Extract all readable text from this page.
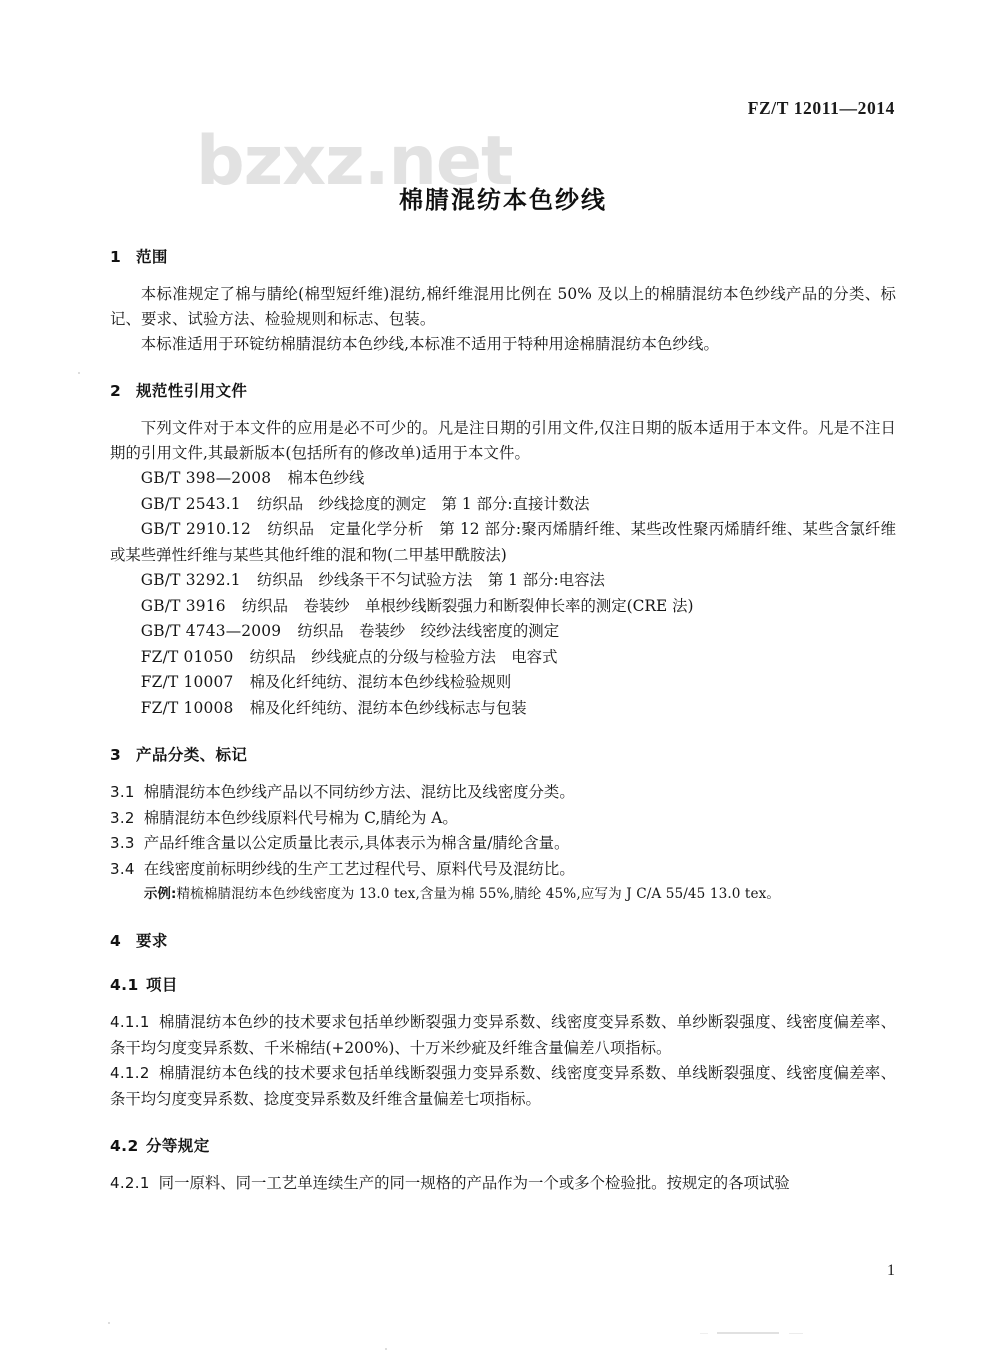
FZ/T 12011—2014
bzxz.net
棉腈混纺本色纱线
1 范围

本标准规定了棉与腈纶(棉型短纤维)混纺,棉纤维混用比例在 50% 及以上的棉腈混纺本色纱线产品的分类、标记、要求、试验方法、检验规则和标志、包装。

本标准适用于环锭纺棉腈混纺本色纱线,本标准不适用于特种用途棉腈混纺本色纱线。

2 规范性引用文件

下列文件对于本文件的应用是必不可少的。凡是注日期的引用文件,仅注日期的版本适用于本文件。凡是不注日期的引用文件,其最新版本(包括所有的修改单)适用于本文件。

GB/T 398—2008 棉本色纱线
GB/T 2543.1 纺织品　纱线捻度的测定　第 1 部分:直接计数法
GB/T 2910.12 纺织品　定量化学分析　第 12 部分:聚丙烯腈纤维、某些改性聚丙烯腈纤维、某些含氯纤维或某些弹性纤维与某些其他纤维的混和物(二甲基甲酰胺法)
GB/T 3292.1 纺织品　纱线条干不匀试验方法　第 1 部分:电容法
GB/T 3916 纺织品　卷装纱　单根纱线断裂强力和断裂伸长率的测定(CRE 法)
GB/T 4743—2009 纺织品　卷装纱　绞纱法线密度的测定
FZ/T 01050 纺织品　纱线疵点的分级与检验方法　电容式
FZ/T 10007 棉及化纤纯纺、混纺本色纱线检验规则
FZ/T 10008 棉及化纤纯纺、混纺本色纱线标志与包装
3 产品分类、标记

3.1 棉腈混纺本色纱线产品以不同纺纱方法、混纺比及线密度分类。

3.2 棉腈混纺本色纱线原料代号棉为 C,腈纶为 A。

3.3 产品纤维含量以公定质量比表示,具体表示为棉含量/腈纶含量。

3.4 在线密度前标明纱线的生产工艺过程代号、原料代号及混纺比。

示例:精梳棉腈混纺本色纱线密度为 13.0 tex,含量为棉 55%,腈纶 45%,应写为 J C/A 55/45 13.0 tex。

4 要求
4.1 项目

4.1.1 棉腈混纺本色纱的技术要求包括单纱断裂强力变异系数、线密度变异系数、单纱断裂强度、线密度偏差率、条干均匀度变异系数、千米棉结(+200%)、十万米纱疵及纤维含量偏差八项指标。

4.1.2 棉腈混纺本色线的技术要求包括单线断裂强力变异系数、线密度变异系数、单线断裂强度、线密度偏差率、条干均匀度变异系数、捻度变异系数及纤维含量偏差七项指标。

4.2 分等规定

4.2.1 同一原料、同一工艺单连续生产的同一规格的产品作为一个或多个检验批。按规定的各项试验

1
